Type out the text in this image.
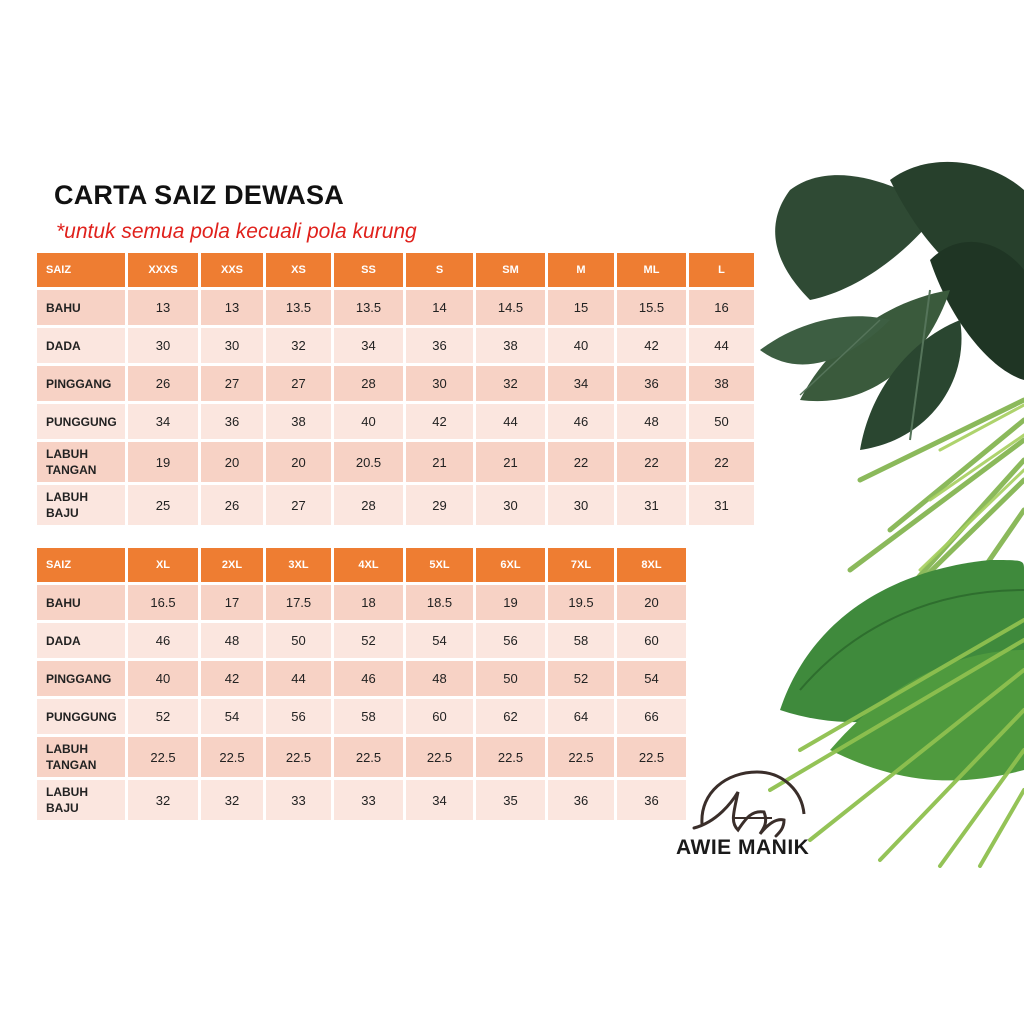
CARTA SAIZ DEWASA
*untuk semua pola kecuali pola kurung
SAIZ	XXXS	XXS	XS	SS	S	SM	M	ML	L

BAHU	13	13	13.5	13.5	14	14.5	15	15.5	16

DADA	30	30	32	34	36	38	40	42	44

PINGGANG	26	27	27	28	30	32	34	36	38

PUNGGUNG	34	36	38	40	42	44	46	48	50

LABUH
TANGAN	19	20	20	20.5	21	21	22	22	22

LABUH
BAJU	25	26	27	28	29	30	30	31	31
SAIZ	XL	2XL	3XL	4XL	5XL	6XL	7XL	8XL

BAHU	16.5	17	17.5	18	18.5	19	19.5	20

DADA	46	48	50	52	54	56	58	60

PINGGANG	40	42	44	46	48	50	52	54

PUNGGUNG	52	54	56	58	60	62	64	66

LABUH
TANGAN	22.5	22.5	22.5	22.5	22.5	22.5	22.5	22.5

LABUH
BAJU	32	32	33	33	34	35	36	36
AWIE MANIK
